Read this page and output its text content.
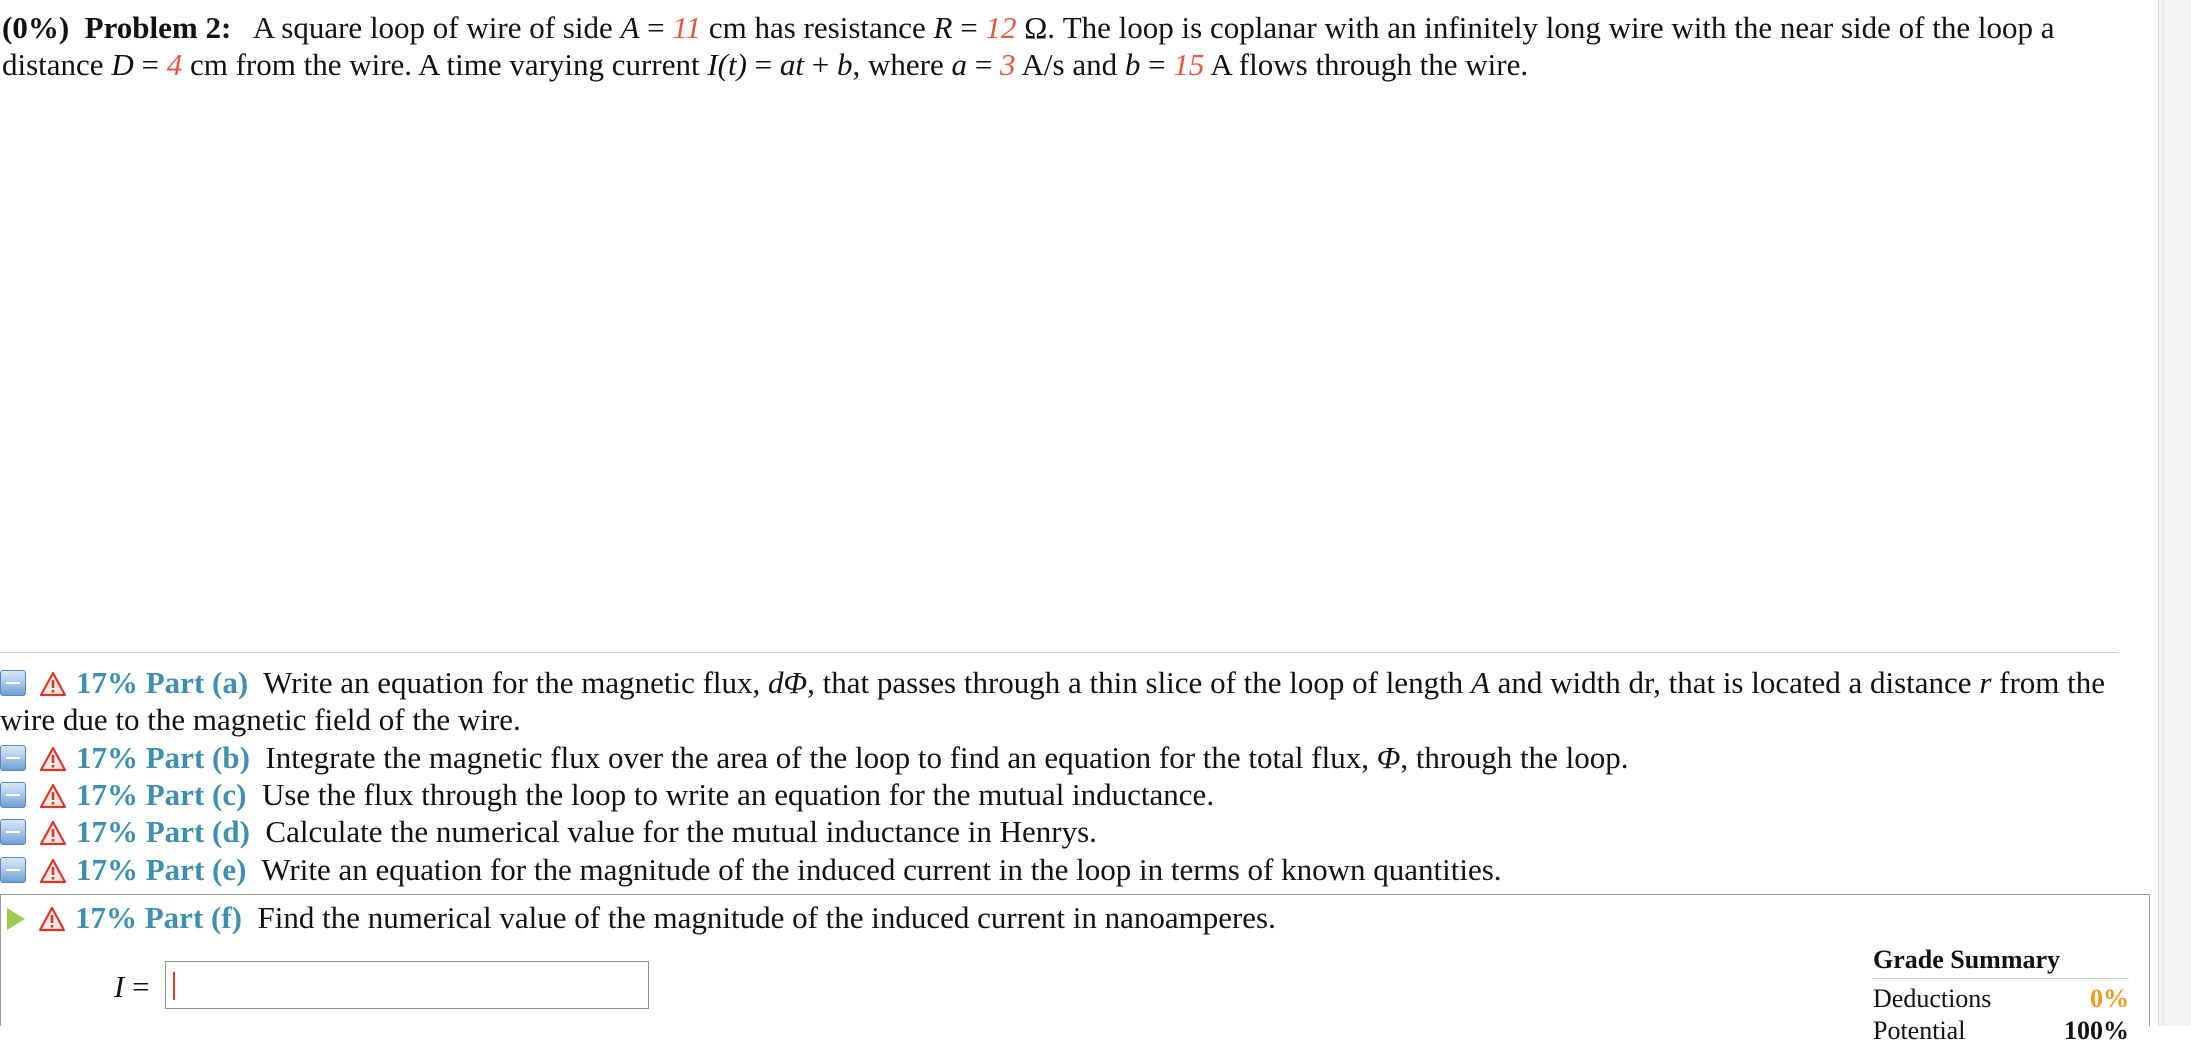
(0%) Problem 2: A square loop of wire of side A = 11 cm has resistance R = 12 Ω. The loop is coplanar with an infinitely long wire with the near side of the loop a distance D = 4 cm from the wire. A time varying current I(t) = at + b, where a = 3 A/s and b = 15 A flows through the wire.
17% Part (a) Write an equation for the magnetic flux, dΦ, that passes through a thin slice of the loop of length A and width dr, that is located a distance r from the wire due to the magnetic field of the wire.
17% Part (b) Integrate the magnetic flux over the area of the loop to find an equation for the total flux, Φ, through the loop.
17% Part (c) Use the flux through the loop to write an equation for the mutual inductance.
17% Part (d) Calculate the numerical value for the mutual inductance in Henrys.
17% Part (e) Write an equation for the magnitude of the induced current in the loop in terms of known quantities.
17% Part (f) Find the numerical value of the magnitude of the induced current in nanoamperes.
I =
Grade Summary
Deductions	0%
Potential	100%
